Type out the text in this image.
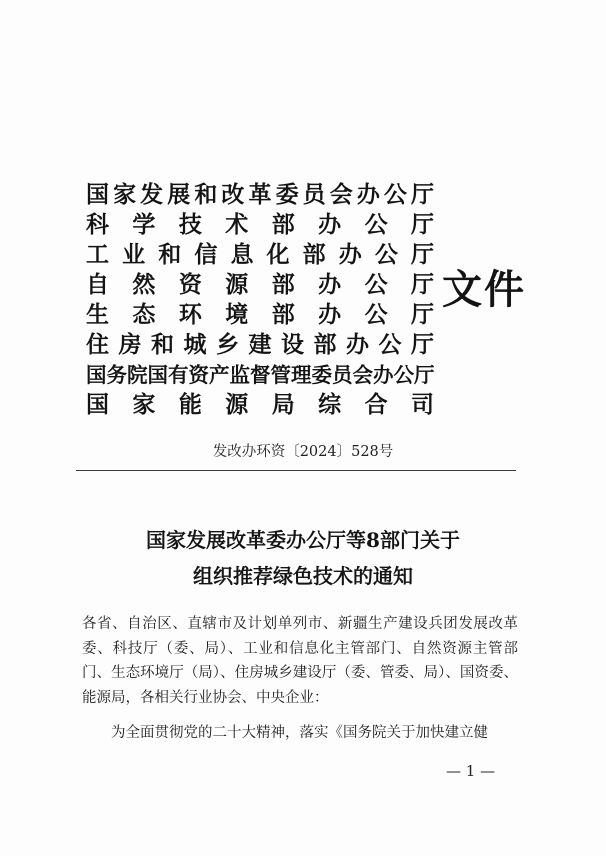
国家发展和改革委员会办公厅
科学技术部办公厅
工业和信息化部办公厅
自然资源部办公厅
生态环境部办公厅
住房和城乡建设部办公厅
国务院国有资产监督管理委员会办公厅
国家能源局综合司
文件
发改办环资〔2024〕528号
国家发展改革委办公厅等8部门关于
组织推荐绿色技术的通知

各省、自治区、直辖市及计划单列市、新疆生产建设兵团发展改革委、科技厅（委、局）、工业和信息化主管部门、自然资源主管部门、生态环境厅（局）、住房城乡建设厅（委、管委、局）、国资委、能源局，各相关行业协会、中央企业：

为全面贯彻党的二十大精神，落实《国务院关于加快建立健

— 1 —
